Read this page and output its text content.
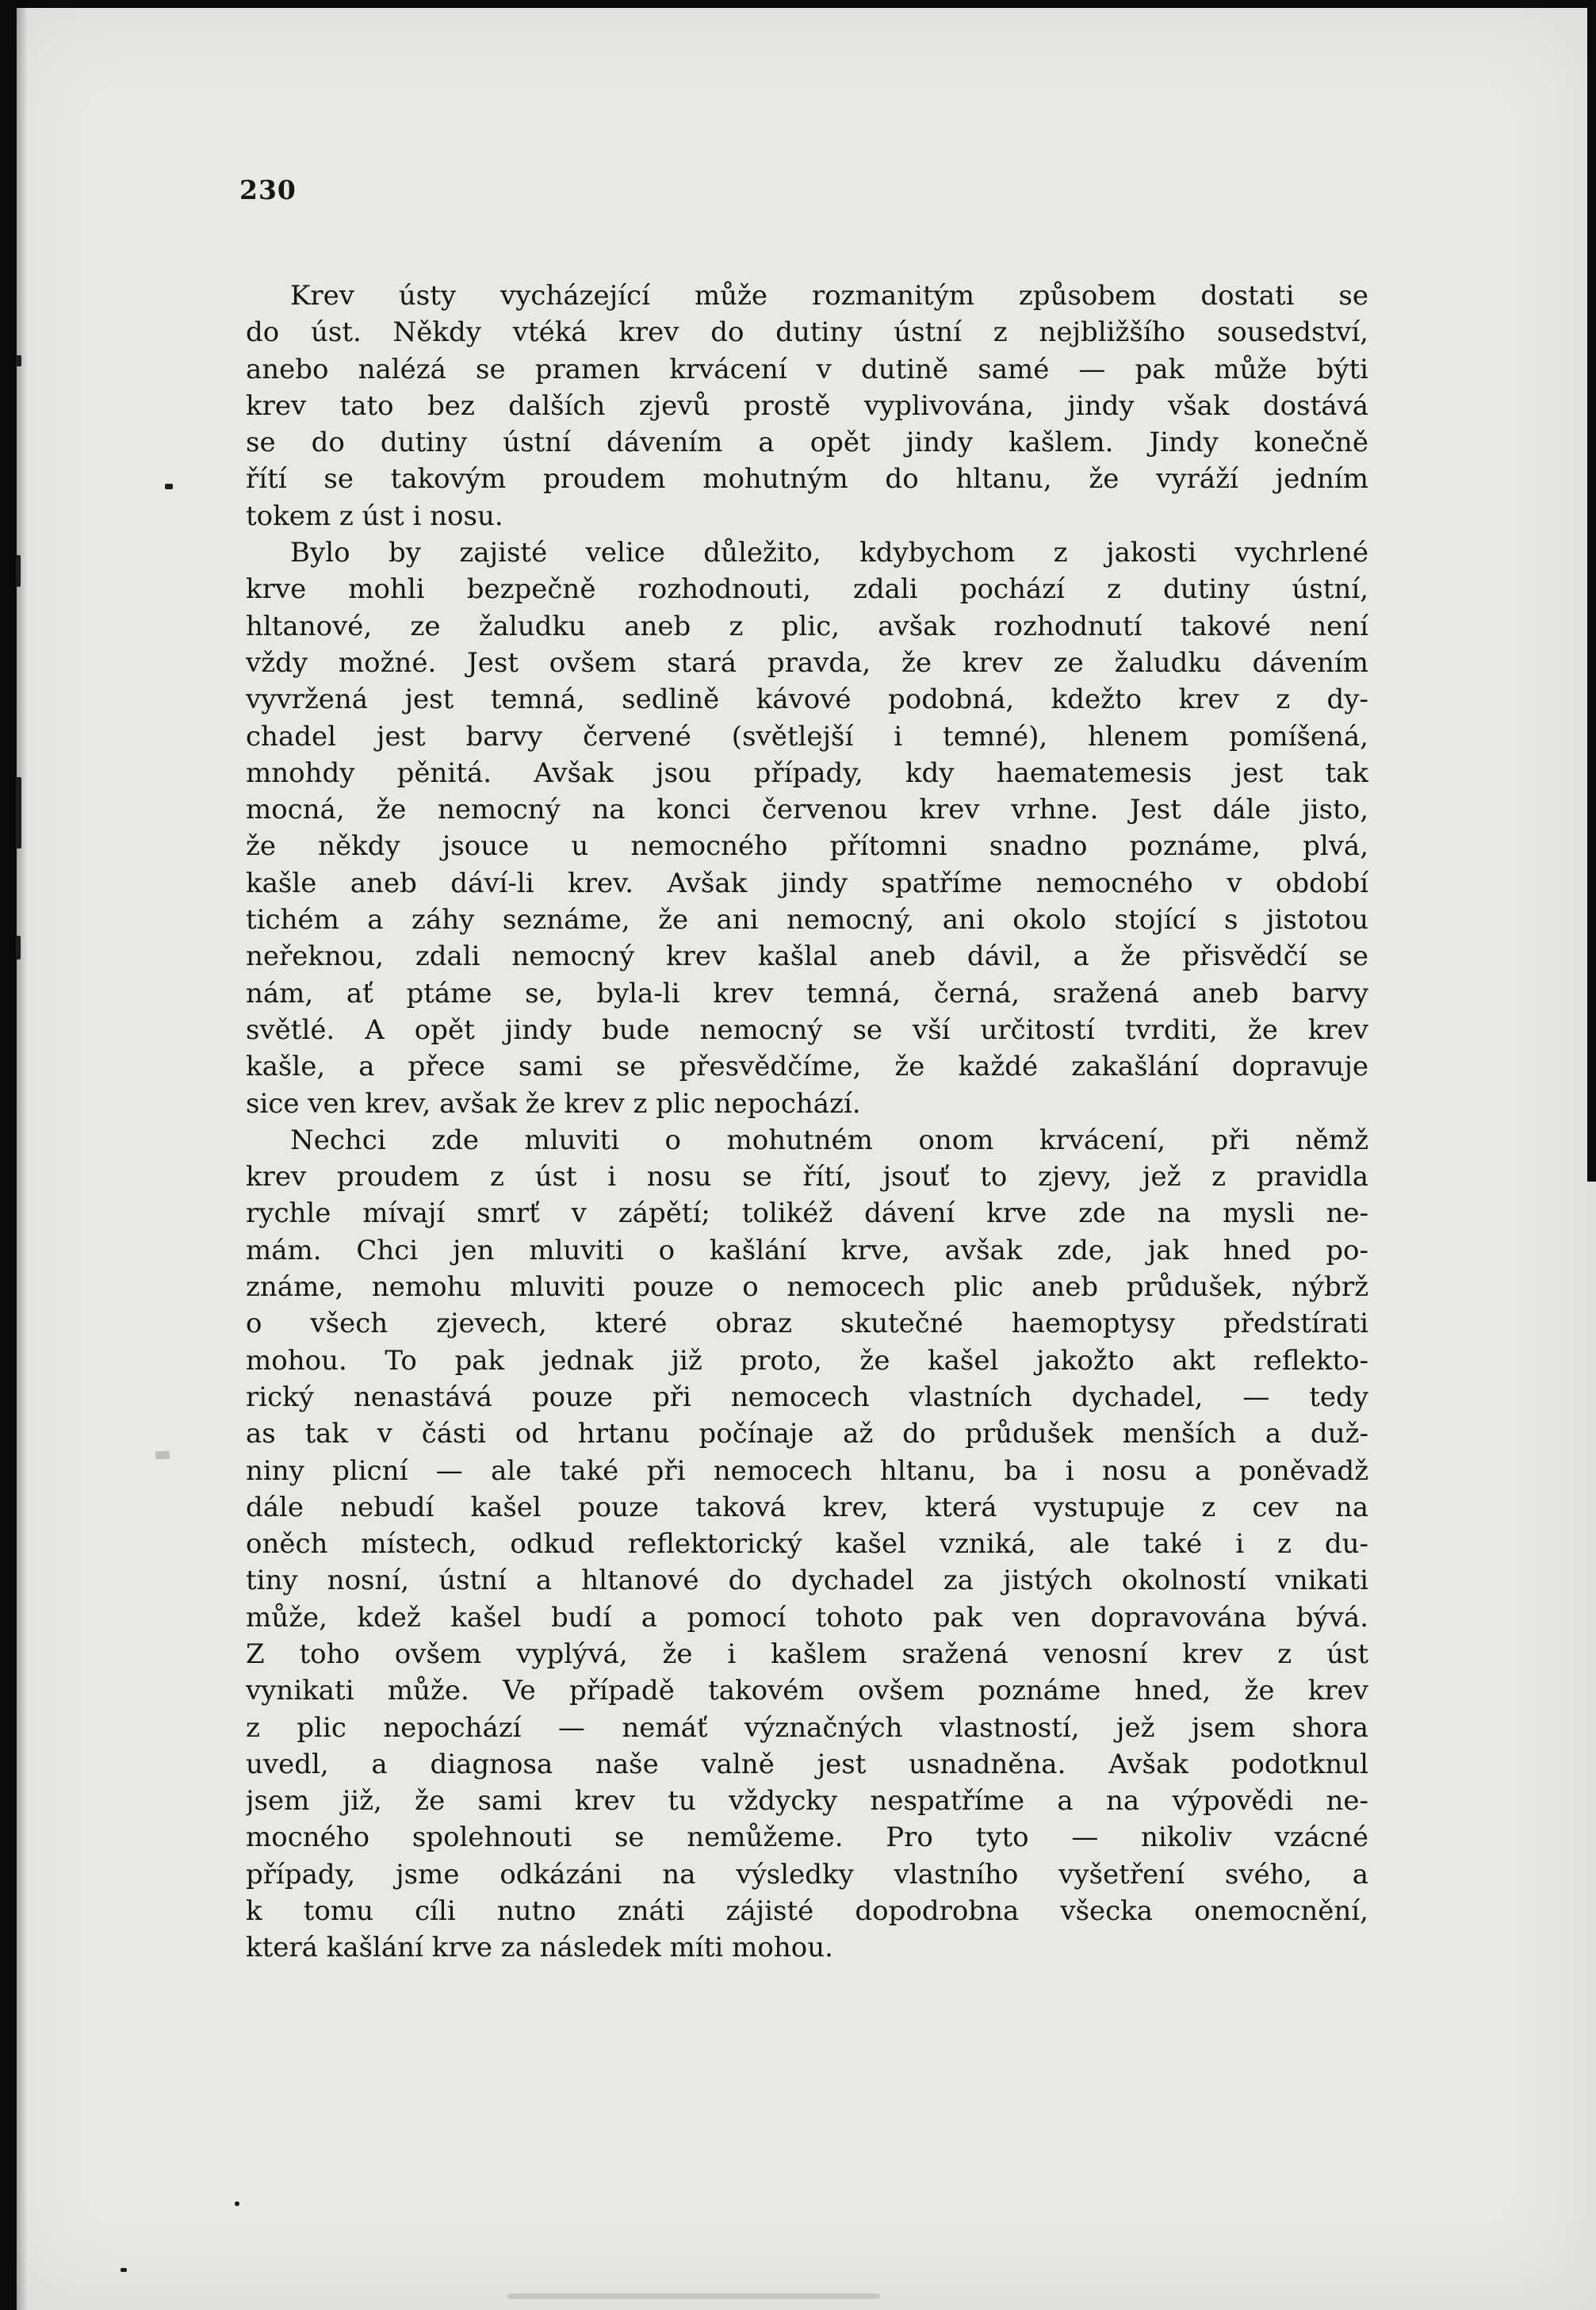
230
Krev ústy vycházející může rozmanitým způsobem dostati se
do úst. Někdy vtéká krev do dutiny ústní z nejbližšího sousedství,
anebo nalézá se pramen krvácení v dutině samé — pak může býti
krev tato bez dalších zjevů prostě vyplivována, jindy však dostává
se do dutiny ústní dávením a opět jindy kašlem. Jindy konečně
řítí se takovým proudem mohutným do hltanu, že vyráží jedním
tokem z úst i nosu.
Bylo by zajisté velice důležito, kdybychom z jakosti vychrlené
krve mohli bezpečně rozhodnouti, zdali pochází z dutiny ústní,
hltanové, ze žaludku aneb z plic, avšak rozhodnutí takové není
vždy možné. Jest ovšem stará pravda, že krev ze žaludku dávením
vyvržená jest temná, sedlině kávové podobná, kdežto krev z dy-
chadel jest barvy červené (světlejší i temné), hlenem pomíšená,
mnohdy pěnitá. Avšak jsou případy, kdy haematemesis jest tak
mocná, že nemocný na konci červenou krev vrhne. Jest dále jisto,
že někdy jsouce u nemocného přítomni snadno poznáme, plvá,
kašle aneb dáví-li krev. Avšak jindy spatříme nemocného v období
tichém a záhy seznáme, že ani nemocný, ani okolo stojící s jistotou
neřeknou, zdali nemocný krev kašlal aneb dávil, a že přisvědčí se
nám, ať ptáme se, byla-li krev temná, černá, sražená aneb barvy
světlé. A opět jindy bude nemocný se vší určitostí tvrditi, že krev
kašle, a přece sami se přesvědčíme, že každé zakašlání dopravuje
sice ven krev, avšak že krev z plic nepochází.
Nechci zde mluviti o mohutném onom krvácení, při němž
krev proudem z úst i nosu se řítí, jsouť to zjevy, jež z pravidla
rychle mívají smrť v zápětí; tolikéž dávení krve zde na mysli ne-
mám. Chci jen mluviti o kašlání krve, avšak zde, jak hned po-
známe, nemohu mluviti pouze o nemocech plic aneb průdušek, nýbrž
o všech zjevech, které obraz skutečné haemoptysy předstírati
mohou. To pak jednak již proto, že kašel jakožto akt reflekto-
rický nenastává pouze při nemocech vlastních dychadel, — tedy
as tak v části od hrtanu počínaje až do průdušek menších a duž-
niny plicní — ale také při nemocech hltanu, ba i nosu a poněvadž
dále nebudí kašel pouze taková krev, která vystupuje z cev na
oněch místech, odkud reflektorický kašel vzniká, ale také i z du-
tiny nosní, ústní a hltanové do dychadel za jistých okolností vnikati
může, kdež kašel budí a pomocí tohoto pak ven dopravována bývá.
Z toho ovšem vyplývá, že i kašlem sražená venosní krev z úst
vynikati může. Ve případě takovém ovšem poznáme hned, že krev
z plic nepochází — nemáť význačných vlastností, jež jsem shora
uvedl, a diagnosa naše valně jest usnadněna. Avšak podotknul
jsem již, že sami krev tu vždycky nespatříme a na výpovědi ne-
mocného spolehnouti se nemůžeme. Pro tyto — nikoliv vzácné
případy, jsme odkázáni na výsledky vlastního vyšetření svého, a
k tomu cíli nutno znáti zájisté dopodrobna všecka onemocnění,
která kašlání krve za následek míti mohou.
